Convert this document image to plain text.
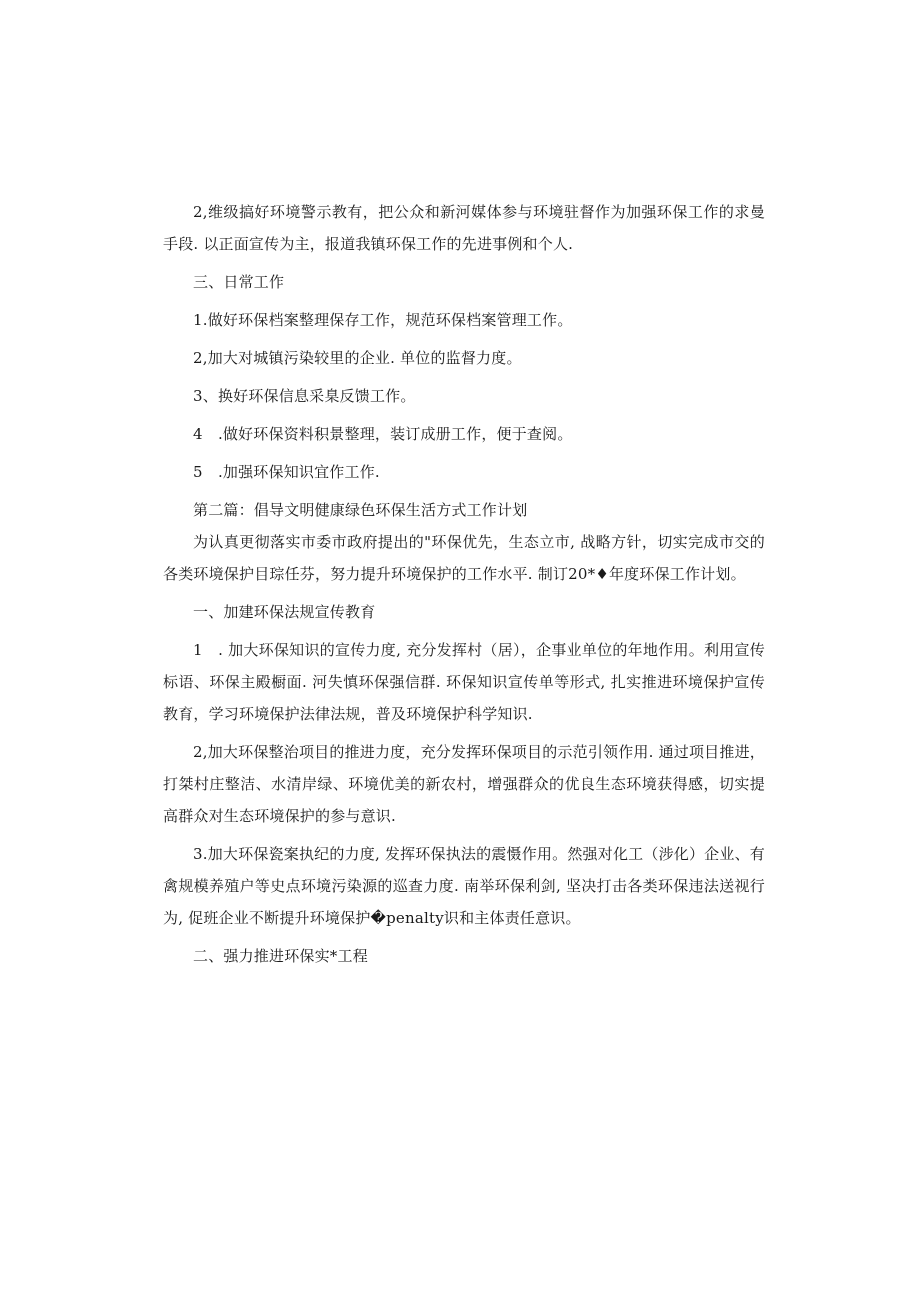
2,维级搞好环境警示教有，把公众和新河媒体参与环境驻督作为加强环保工作的求曼手段. 以正面宣传为主，报道我镇环保工作的先进事例和个人.

三、日常工作

1.做好环保档案整理保存工作，规范环保档案管理工作。

2,加大对城镇污染较里的企业. 单位的监督力度。

3、换好环保信息采臬反馈工作。

4　.做好环保资料积景整理，装订成册工作，便于查阅。

5　.加强环保知识宜作工作.

第二篇：倡导文明健康绿色环保生活方式工作计划

为认真更彻落实市委市政府提出的"环保优先，生态立市, 战略方针，切实完成市交的各类环境保护目琮任芬，努力提升环境保护的工作水平. 制订20*♦年度环保工作计划。

一、加建环保法规宣传教育

1　. 加大环保知识的宣传力度, 充分发挥村（居），企事业单位的年地作用。利用宣传标语、环保主殿橱面. 河失慎环保强信群. 环保知识宣传单等形式, 扎实推进环境保护宣传教育，学习环境保护法律法规，普及环境保护科学知识.

2,加大环保整治项目的推进力度，充分发挥环保项目的示范引领作用. 通过项目推进，打桀村庄整洁、水清岸绿、环境优美的新农村，增强群众的优良生态环境获得感，切实提高群众对生态环境保护的参与意识.

3.加大环保瓷案执纪的力度, 发挥环保执法的震慑作用。然强对化工（涉化）企业、有禽规模养殖户等史点环境污染源的巡查力度. 南举环保利剑, 坚决打击各类环保违法送视行为, 促班企业不断提升环境保护�penalty识和主体责任意识。

二、强力推进环保实*工程
